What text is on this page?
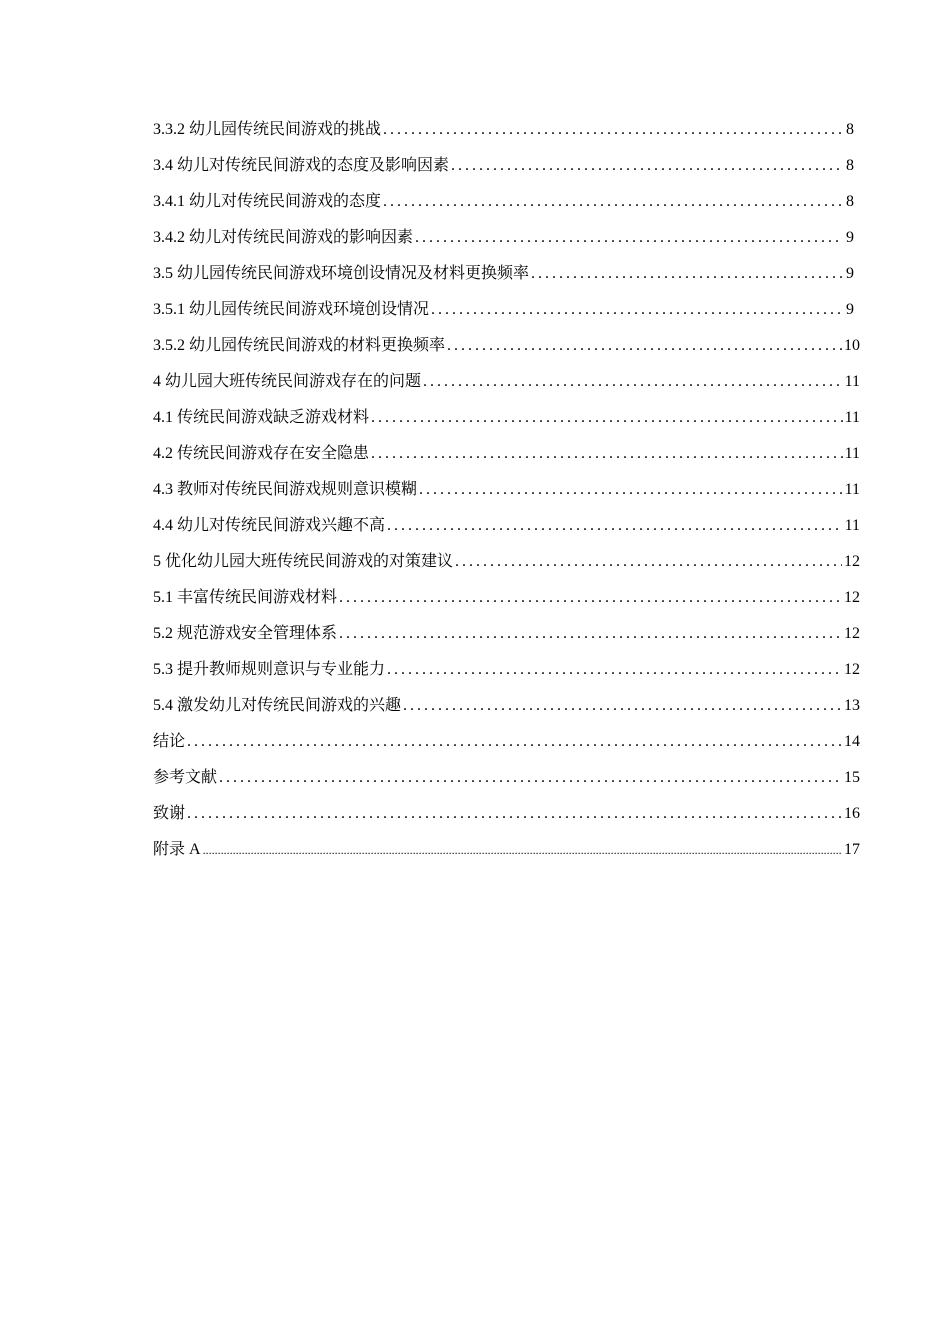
3.3.2 幼儿园传统民间游戏的挑战 .....	8
3.4 幼儿对传统民间游戏的态度及影响因素 .....	8
3.4.1 幼儿对传统民间游戏的态度 .....	8
3.4.2 幼儿对传统民间游戏的影响因素 .....	9
3.5 幼儿园传统民间游戏环境创设情况及材料更换频率 .....	9
3.5.1 幼儿园传统民间游戏环境创设情况 .....	9
3.5.2 幼儿园传统民间游戏的材料更换频率 .....	10
4 幼儿园大班传统民间游戏存在的问题 .....	11
4.1 传统民间游戏缺乏游戏材料 .....	11
4.2 传统民间游戏存在安全隐患 .....	11
4.3 教师对传统民间游戏规则意识模糊 .....	11
4.4 幼儿对传统民间游戏兴趣不高 .....	11
5 优化幼儿园大班传统民间游戏的对策建议 .....	12
5.1 丰富传统民间游戏材料 .....	12
5.2 规范游戏安全管理体系 .....	12
5.3 提升教师规则意识与专业能力 .....	12
5.4 激发幼儿对传统民间游戏的兴趣 .....	13
结论 .....	14
参考文献 .....	15
致谢 .....	16
附录 A .....	17
